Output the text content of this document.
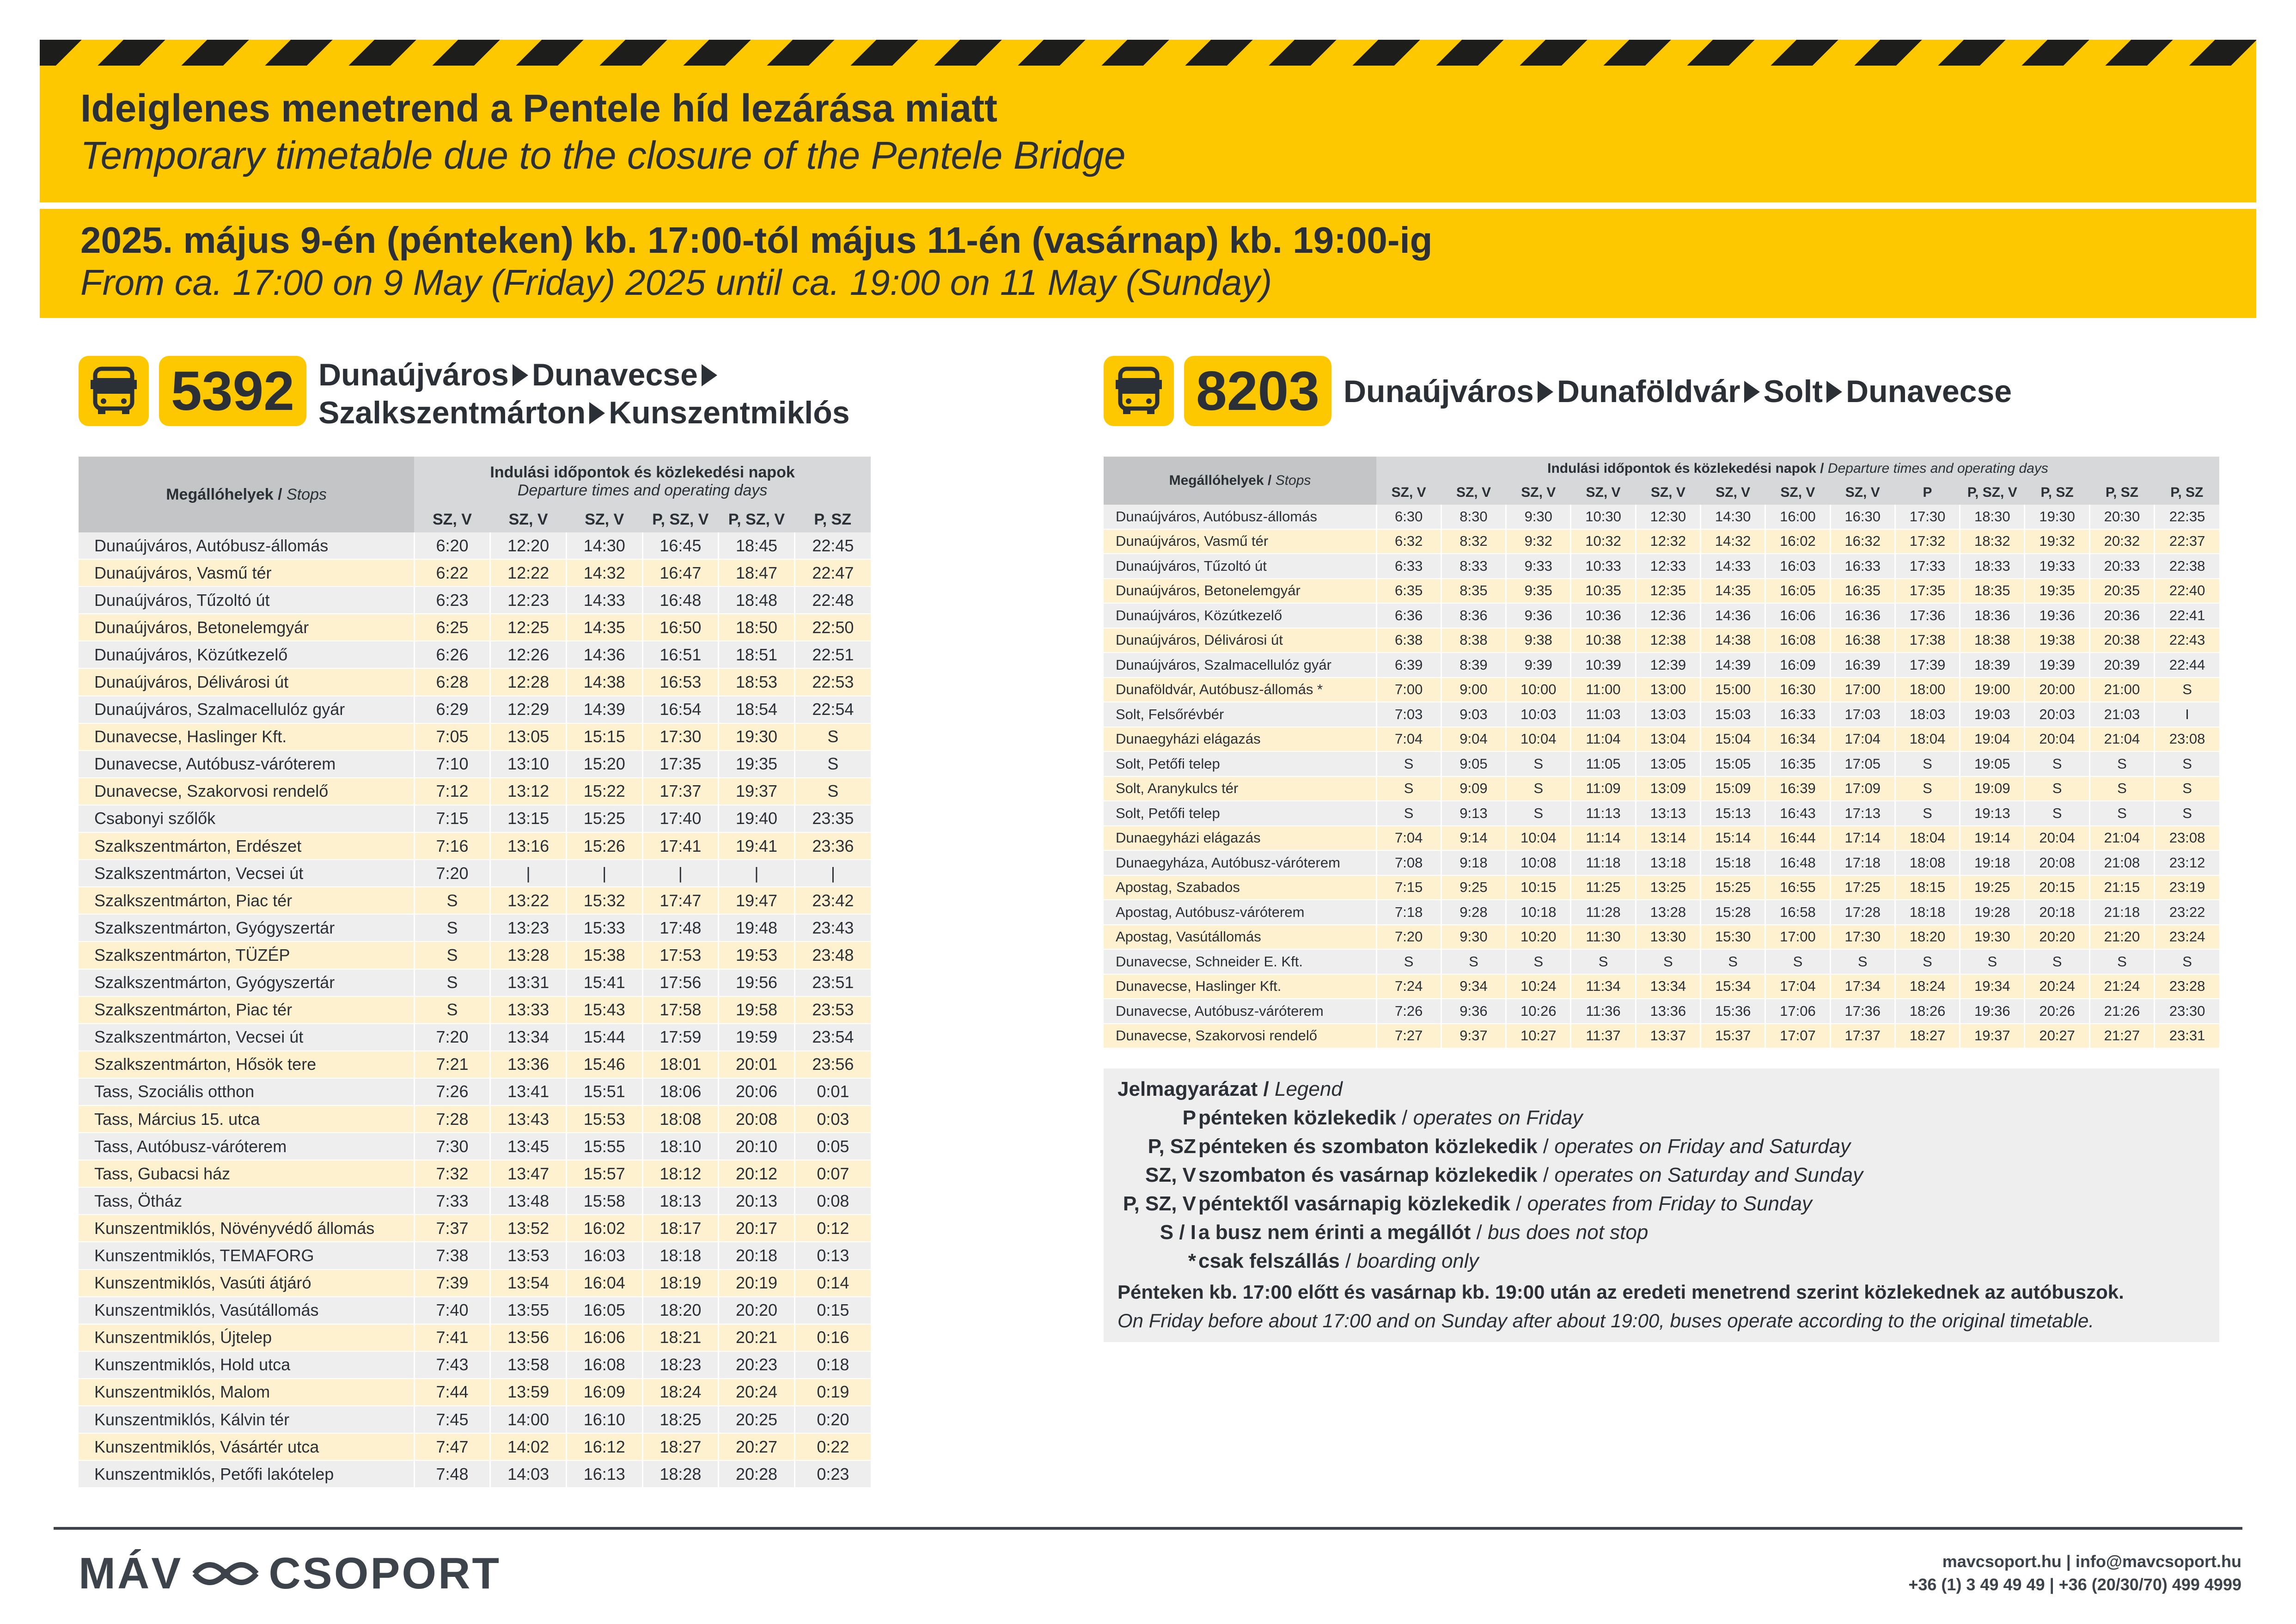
Ideiglenes menetrend a Pentele híd lezárása miatt
Temporary timetable due to the closure of the Pentele Bridge
2025. május 9-én (pénteken) kb. 17:00-tól május 11-én (vasárnap) kb. 19:00-ig
From ca. 17:00 on 9 May (Friday) 2025 until ca. 19:00 on 11 May (Sunday)
5392 Dunaújváros Dunavecse
Szalkszentmárton Kunszentmiklós	8203 Dunaújváros Dunaföldvár Solt Dunavecse
Megállóhelyek / Stops	Indulási időpontok és közlekedési napok
Departure times and operating days					

	SZ, V	SZ, V	SZ, V	P, SZ, V	P, SZ, V	P, SZ
Dunaújváros, Autóbusz-állomás	6:20	12:20	14:30	16:45	18:45	22:45
Dunaújváros, Vasmű tér	6:22	12:22	14:32	16:47	18:47	22:47
Dunaújváros, Tűzoltó út	6:23	12:23	14:33	16:48	18:48	22:48
Dunaújváros, Betonelemgyár	6:25	12:25	14:35	16:50	18:50	22:50
Dunaújváros, Közútkezelő	6:26	12:26	14:36	16:51	18:51	22:51
Dunaújváros, Délivárosi út	6:28	12:28	14:38	16:53	18:53	22:53
Dunaújváros, Szalmacellulóz gyár	6:29	12:29	14:39	16:54	18:54	22:54
Dunavecse, Haslinger Kft.	7:05	13:05	15:15	17:30	19:30	S
Dunavecse, Autóbusz-váróterem	7:10	13:10	15:20	17:35	19:35	S
Dunavecse, Szakorvosi rendelő	7:12	13:12	15:22	17:37	19:37	S
Csabonyi szőlők	7:15	13:15	15:25	17:40	19:40	23:35
Szalkszentmárton, Erdészet	7:16	13:16	15:26	17:41	19:41	23:36
Szalkszentmárton, Vecsei út	7:20	|	|	|	|	|
Szalkszentmárton, Piac tér	S	13:22	15:32	17:47	19:47	23:42
Szalkszentmárton, Gyógyszertár	S	13:23	15:33	17:48	19:48	23:43
Szalkszentmárton, TÜZÉP	S	13:28	15:38	17:53	19:53	23:48
Szalkszentmárton, Gyógyszertár	S	13:31	15:41	17:56	19:56	23:51
Szalkszentmárton, Piac tér	S	13:33	15:43	17:58	19:58	23:53
Szalkszentmárton, Vecsei út	7:20	13:34	15:44	17:59	19:59	23:54
Szalkszentmárton, Hősök tere	7:21	13:36	15:46	18:01	20:01	23:56
Tass, Szociális otthon	7:26	13:41	15:51	18:06	20:06	0:01
Tass, Március 15. utca	7:28	13:43	15:53	18:08	20:08	0:03
Tass, Autóbusz-váróterem	7:30	13:45	15:55	18:10	20:10	0:05
Tass, Gubacsi ház	7:32	13:47	15:57	18:12	20:12	0:07
Tass, Ötház	7:33	13:48	15:58	18:13	20:13	0:08
Kunszentmiklós, Növényvédő állomás	7:37	13:52	16:02	18:17	20:17	0:12
Kunszentmiklós, TEMAFORG	7:38	13:53	16:03	18:18	20:18	0:13
Kunszentmiklós, Vasúti átjáró	7:39	13:54	16:04	18:19	20:19	0:14
Kunszentmiklós, Vasútállomás	7:40	13:55	16:05	18:20	20:20	0:15
Kunszentmiklós, Újtelep	7:41	13:56	16:06	18:21	20:21	0:16
Kunszentmiklós, Hold utca	7:43	13:58	16:08	18:23	20:23	0:18
Kunszentmiklós, Malom	7:44	13:59	16:09	18:24	20:24	0:19
Kunszentmiklós, Kálvin tér	7:45	14:00	16:10	18:25	20:25	0:20
Kunszentmiklós, Vásártér utca	7:47	14:02	16:12	18:27	20:27	0:22
Kunszentmiklós, Petőfi lakótelep	7:48	14:03	16:13	18:28	20:28	0:23
Megállóhelyek / Stops	Indulási időpontok és közlekedési napok / Departure times and operating days												
	SZ, V	SZ, V	SZ, V	SZ, V	SZ, V	SZ, V	SZ, V	SZ, V	P	P, SZ, V	P, SZ	P, SZ	P, SZ
Dunaújváros, Autóbusz-állomás	6:30	8:30	9:30	10:30	12:30	14:30	16:00	16:30	17:30	18:30	19:30	20:30	22:35
Dunaújváros, Vasmű tér	6:32	8:32	9:32	10:32	12:32	14:32	16:02	16:32	17:32	18:32	19:32	20:32	22:37
Dunaújváros, Tűzoltó út	6:33	8:33	9:33	10:33	12:33	14:33	16:03	16:33	17:33	18:33	19:33	20:33	22:38
Dunaújváros, Betonelemgyár	6:35	8:35	9:35	10:35	12:35	14:35	16:05	16:35	17:35	18:35	19:35	20:35	22:40
Dunaújváros, Közútkezelő	6:36	8:36	9:36	10:36	12:36	14:36	16:06	16:36	17:36	18:36	19:36	20:36	22:41
Dunaújváros, Délivárosi út	6:38	8:38	9:38	10:38	12:38	14:38	16:08	16:38	17:38	18:38	19:38	20:38	22:43
Dunaújváros, Szalmacellulóz gyár	6:39	8:39	9:39	10:39	12:39	14:39	16:09	16:39	17:39	18:39	19:39	20:39	22:44
Dunaföldvár, Autóbusz-állomás *	7:00	9:00	10:00	11:00	13:00	15:00	16:30	17:00	18:00	19:00	20:00	21:00	S
Solt, Felsőrévbér	7:03	9:03	10:03	11:03	13:03	15:03	16:33	17:03	18:03	19:03	20:03	21:03	I
Dunaegyházi elágazás	7:04	9:04	10:04	11:04	13:04	15:04	16:34	17:04	18:04	19:04	20:04	21:04	23:08
Solt, Petőfi telep	S	9:05	S	11:05	13:05	15:05	16:35	17:05	S	19:05	S	S	S
Solt, Aranykulcs tér	S	9:09	S	11:09	13:09	15:09	16:39	17:09	S	19:09	S	S	S
Solt, Petőfi telep	S	9:13	S	11:13	13:13	15:13	16:43	17:13	S	19:13	S	S	S
Dunaegyházi elágazás	7:04	9:14	10:04	11:14	13:14	15:14	16:44	17:14	18:04	19:14	20:04	21:04	23:08
Dunaegyháza, Autóbusz-váróterem	7:08	9:18	10:08	11:18	13:18	15:18	16:48	17:18	18:08	19:18	20:08	21:08	23:12
Apostag, Szabados	7:15	9:25	10:15	11:25	13:25	15:25	16:55	17:25	18:15	19:25	20:15	21:15	23:19
Apostag, Autóbusz-váróterem	7:18	9:28	10:18	11:28	13:28	15:28	16:58	17:28	18:18	19:28	20:18	21:18	23:22
Apostag, Vasútállomás	7:20	9:30	10:20	11:30	13:30	15:30	17:00	17:30	18:20	19:30	20:20	21:20	23:24
Dunavecse, Schneider E. Kft.	S	S	S	S	S	S	S	S	S	S	S	S	S
Dunavecse, Haslinger Kft.	7:24	9:34	10:24	11:34	13:34	15:34	17:04	17:34	18:24	19:34	20:24	21:24	23:28
Dunavecse, Autóbusz-váróterem	7:26	9:36	10:26	11:36	13:36	15:36	17:06	17:36	18:26	19:36	20:26	21:26	23:30
Dunavecse, Szakorvosi rendelő	7:27	9:37	10:27	11:37	13:37	15:37	17:07	17:37	18:27	19:37	20:27	21:27	23:31
Jelmagyarázat / Legend
P pénteken közlekedik / operates on Friday
P, SZ pénteken és szombaton közlekedik / operates on Friday and Saturday
SZ, V szombaton és vasárnap közlekedik / operates on Saturday and Sunday
P, SZ, V péntektől vasárnapig közlekedik / operates from Friday to Sunday
S / I a busz nem érinti a megállót / bus does not stop
* csak felszállás / boarding only
Pénteken kb. 17:00 előtt és vasárnap kb. 19:00 után az eredeti menetrend szerint közlekednek az autóbuszok.
On Friday before about 17:00 and on Sunday after about 19:00, buses operate according to the original timetable.
MÁV CSOPORT	mavcsoport.hu | info@mavcsoport.hu
+36 (1) 3 49 49 49 | +36 (20/30/70) 499 4999
